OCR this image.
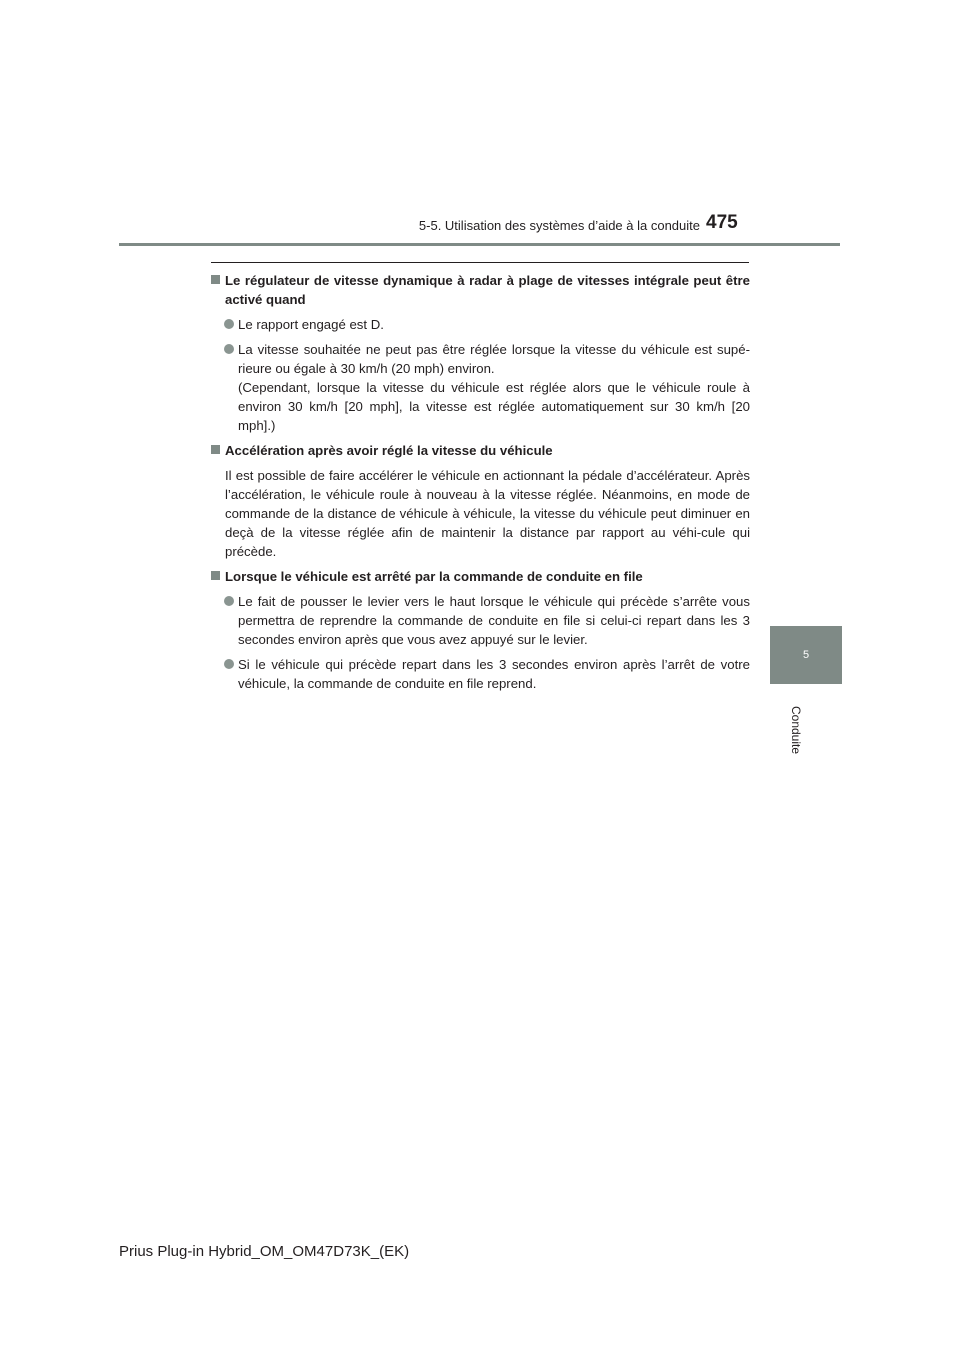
5-5. Utilisation des systèmes d’aide à la conduite 475
5
Conduite
Le régulateur de vitesse dynamique à radar à plage de vitesses intégrale peut être activé quand
Le rapport engagé est D.
La vitesse souhaitée ne peut pas être réglée lorsque la vitesse du véhicule est supé-rieure ou égale à 30 km/h (20 mph) environ.
(Cependant, lorsque la vitesse du véhicule est réglée alors que le véhicule roule à environ 30 km/h [20 mph], la vitesse est réglée automatiquement sur 30 km/h [20 mph].)
Accélération après avoir réglé la vitesse du véhicule
Il est possible de faire accélérer le véhicule en actionnant la pédale d’accélérateur. Après l’accélération, le véhicule roule à nouveau à la vitesse réglée. Néanmoins, en mode de commande de la distance de véhicule à véhicule, la vitesse du véhicule peut diminuer en deçà de la vitesse réglée afin de maintenir la distance par rapport au véhi-cule qui précède.
Lorsque le véhicule est arrêté par la commande de conduite en file
Le fait de pousser le levier vers le haut lorsque le véhicule qui précède s’arrête vous permettra de reprendre la commande de conduite en file si celui-ci repart dans les 3 secondes environ après que vous avez appuyé sur le levier.
Si le véhicule qui précède repart dans les 3 secondes environ après l’arrêt de votre véhicule, la commande de conduite en file reprend.
Prius Plug-in Hybrid_OM_OM47D73K_(EK)
